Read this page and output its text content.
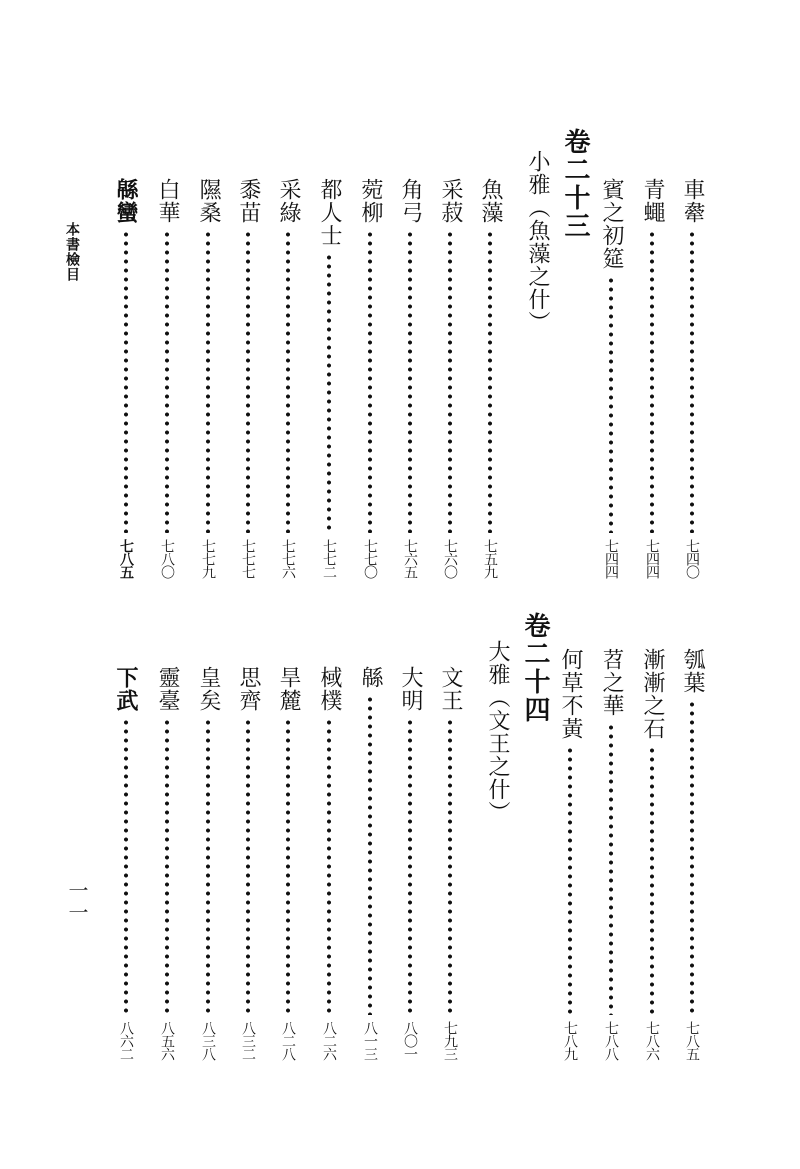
本書檢目
一一
車舝
七四〇
青蠅
七四四
賓之初筵
七四四
卷二十三
小雅︵魚藻之什︶
魚藻
七五九
采菽
七六〇
角弓
七六五
菀柳
七七〇
都人士
七七二
采綠
七七六
黍苗
七七七
隰桑
七七九
白華
七八〇
緜蠻
七八五
瓠葉
七八五
漸漸之石
七八六
苕之華
七八八
何草不黃
七八九
卷二十四
大雅︵文王之什︶
文王
七九三
大明
八〇一
緜
八一三
棫樸
八二六
旱麓
八二八
思齊
八三二
皇矣
八三八
靈臺
八五六
下武
八六二
